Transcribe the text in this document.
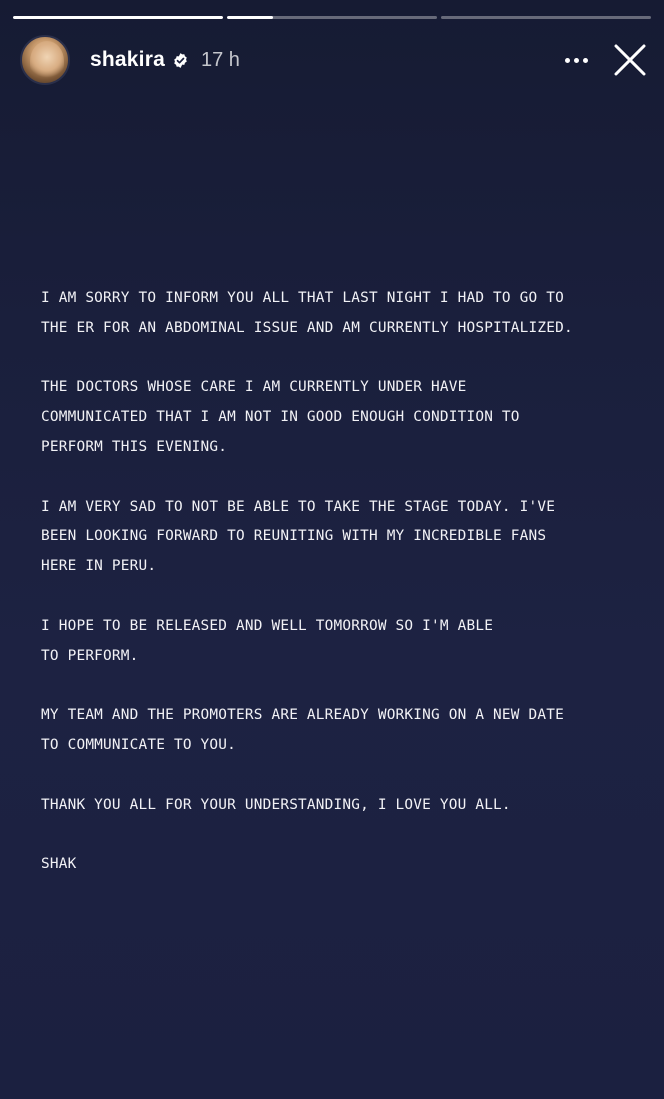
shakira 17 h

I AM SORRY TO INFORM YOU ALL THAT LAST NIGHT I HAD TO GO TO
THE ER FOR AN ABDOMINAL ISSUE AND AM CURRENTLY HOSPITALIZED.

THE DOCTORS WHOSE CARE I AM CURRENTLY UNDER HAVE
COMMUNICATED THAT I AM NOT IN GOOD ENOUGH CONDITION TO
PERFORM THIS EVENING.

I AM VERY SAD TO NOT BE ABLE TO TAKE THE STAGE TODAY. I'VE
BEEN LOOKING FORWARD TO REUNITING WITH MY INCREDIBLE FANS
HERE IN PERU.

I HOPE TO BE RELEASED AND WELL TOMORROW SO I'M ABLE
TO PERFORM.

MY TEAM AND THE PROMOTERS ARE ALREADY WORKING ON A NEW DATE
TO COMMUNICATE TO YOU.

THANK YOU ALL FOR YOUR UNDERSTANDING, I LOVE YOU ALL.

SHAK
